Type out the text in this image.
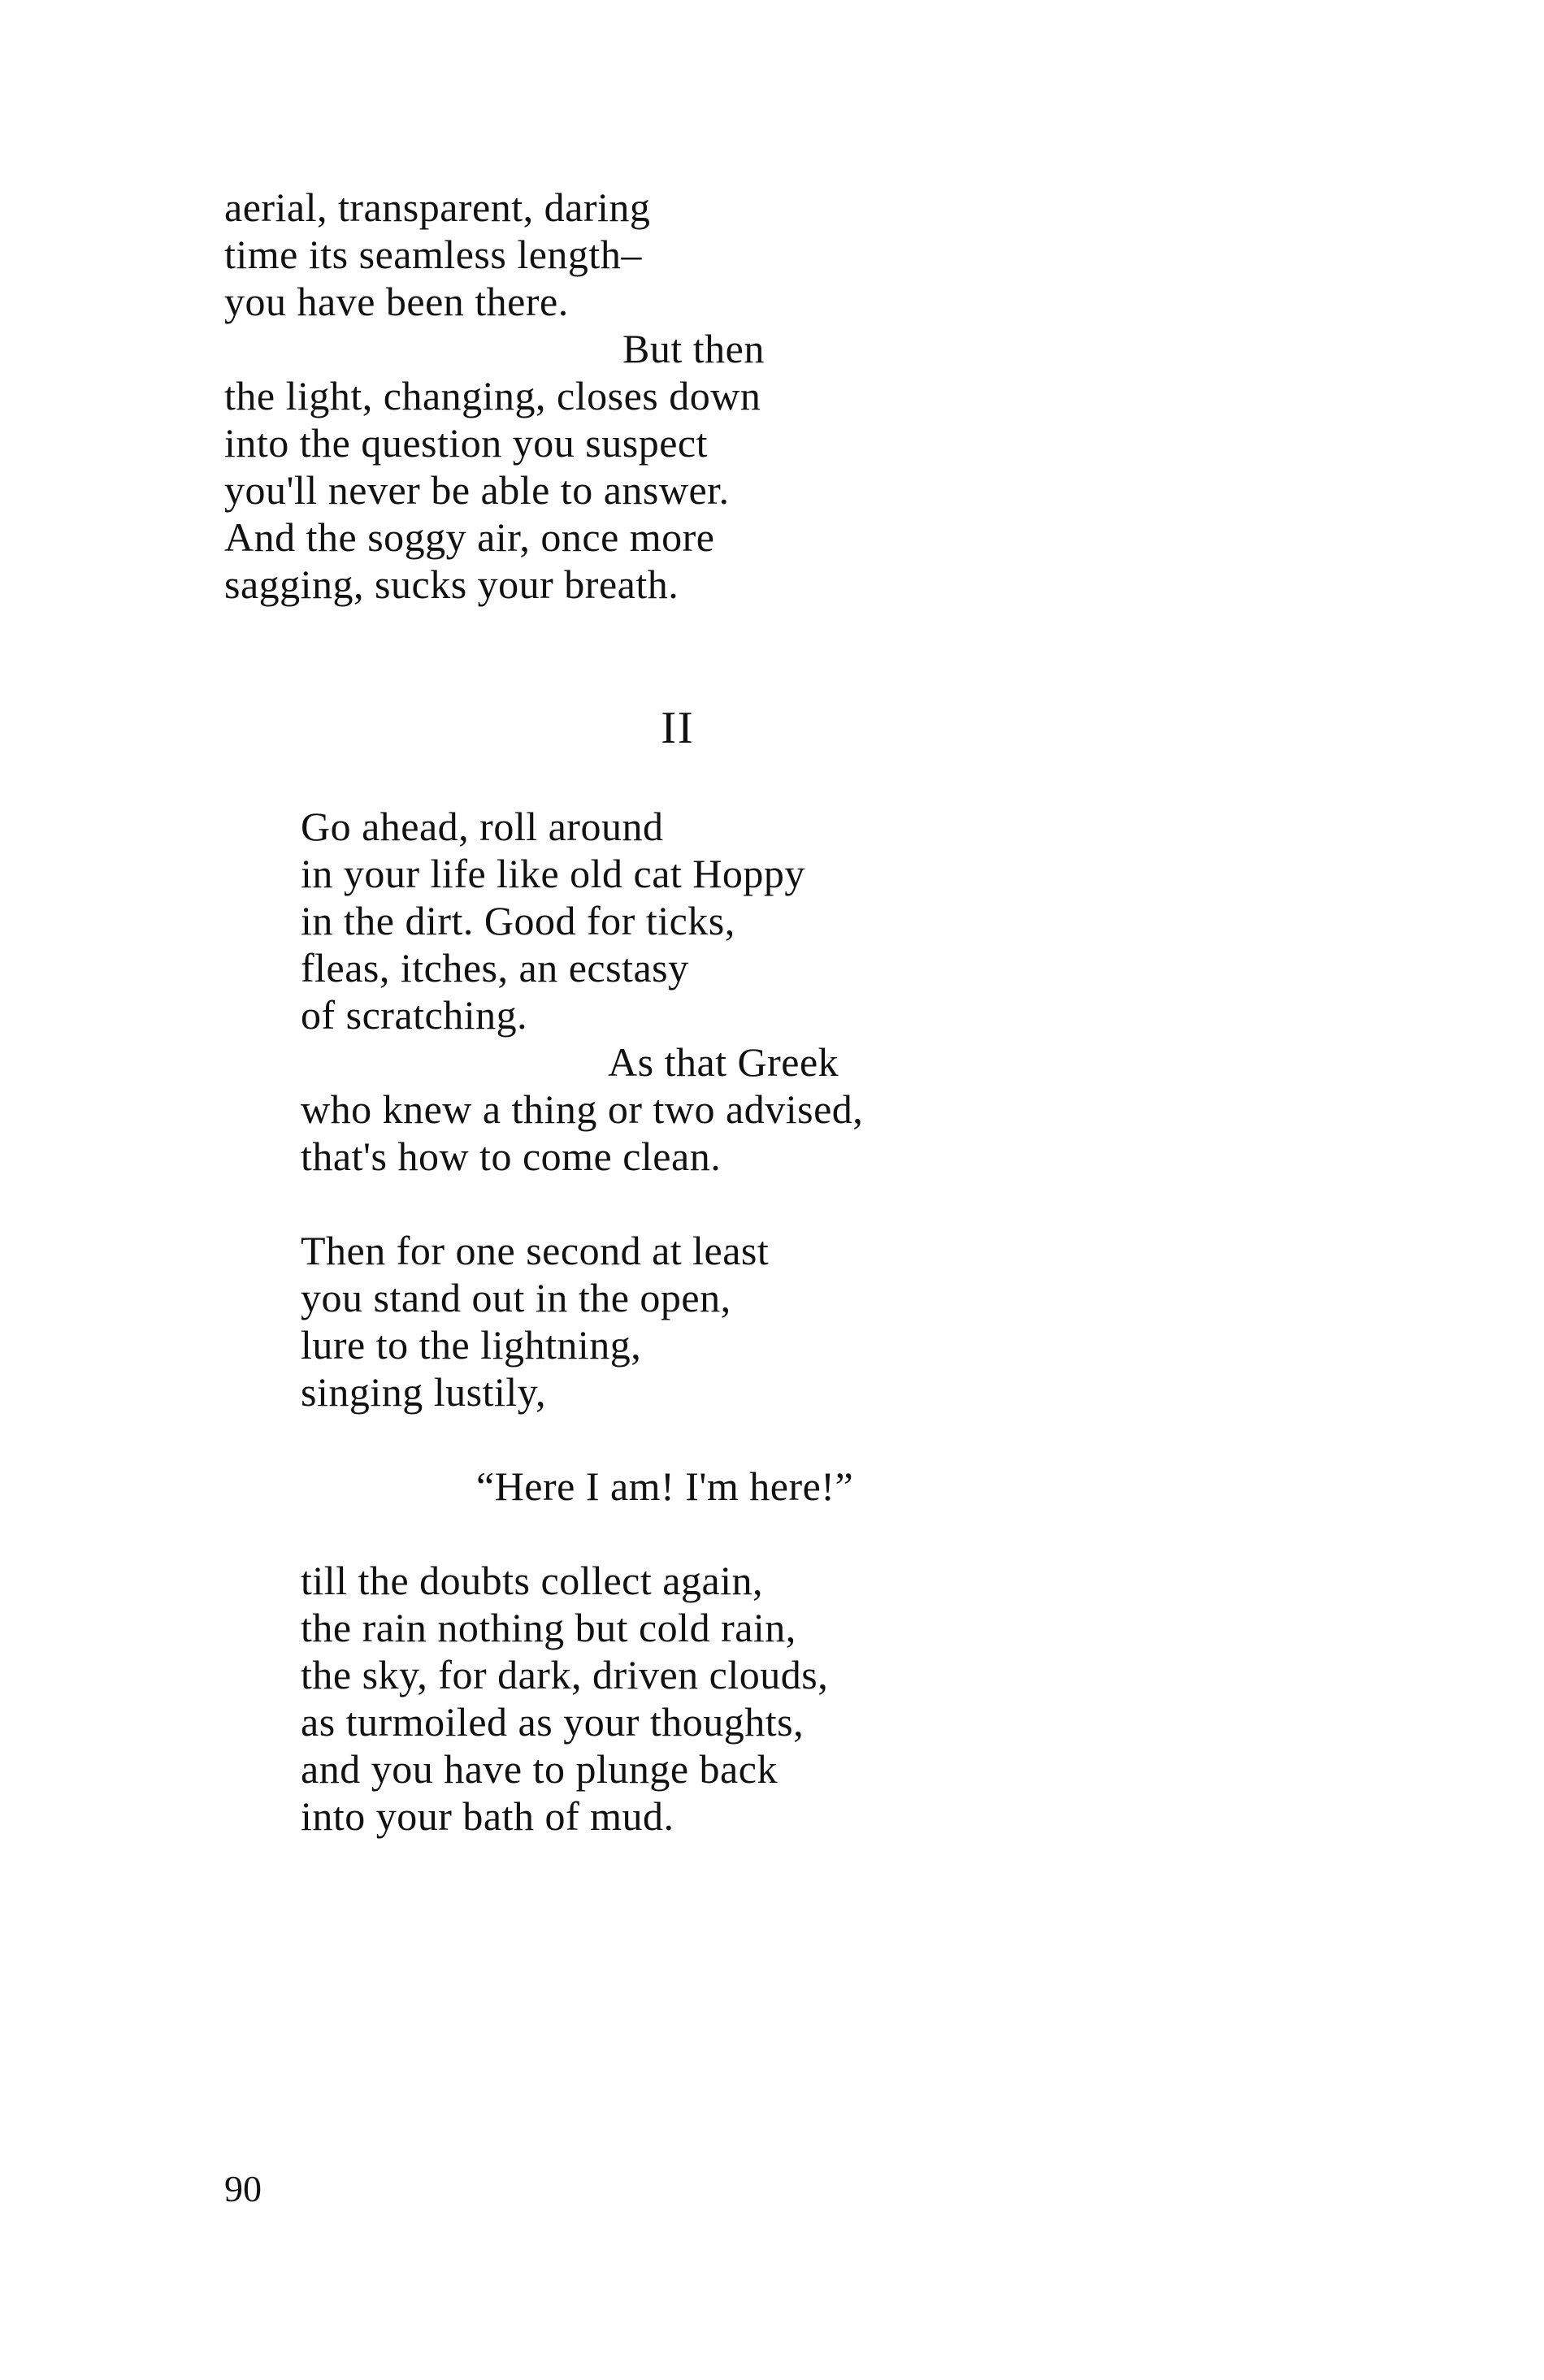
aerial, transparent, daring
time its seamless length–
you have been there.
But then
the light, changing, closes down
into the question you suspect
you'll never be able to answer.
And the soggy air, once more
sagging, sucks your breath.
II
Go ahead, roll around
in your life like old cat Hoppy
in the dirt. Good for ticks,
fleas, itches, an ecstasy
of scratching.
As that Greek
who knew a thing or two advised,
that's how to come clean.
Then for one second at least
you stand out in the open,
lure to the lightning,
singing lustily,
“Here I am! I'm here!”
till the doubts collect again,
the rain nothing but cold rain,
the sky, for dark, driven clouds,
as turmoiled as your thoughts,
and you have to plunge back
into your bath of mud.
90
